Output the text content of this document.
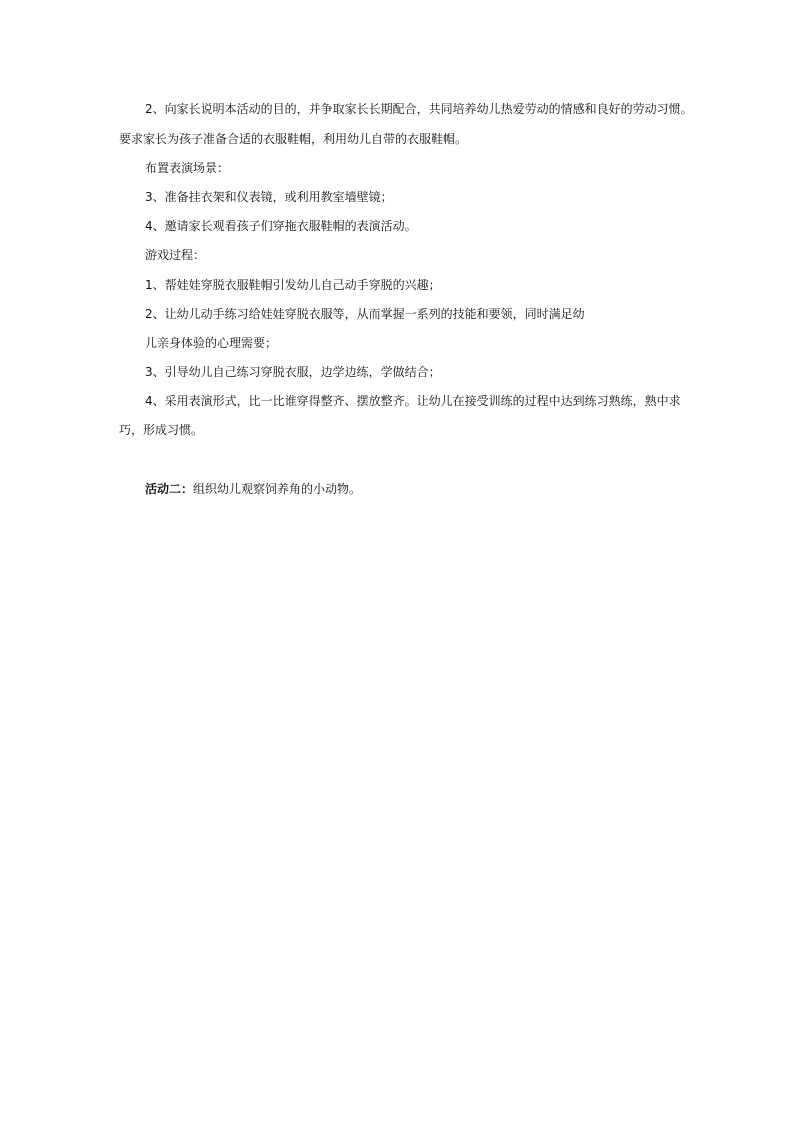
2、向家长说明本活动的目的，并争取家长长期配合，共同培养幼儿热爱劳动的情感和良好的劳动习惯。
要求家长为孩子准备合适的衣服鞋帽，利用幼儿自带的衣服鞋帽。
布置表演场景：
3、准备挂衣架和仪表镜，或利用教室墙壁镜；
4、邀请家长观看孩子们穿拖衣服鞋帽的表演活动。
游戏过程：
1、帮娃娃穿脱衣服鞋帽引发幼儿自己动手穿脱的兴趣；
2、让幼儿动手练习给娃娃穿脱衣服等，从而掌握一系列的技能和要领，同时满足幼
儿亲身体验的心理需要；
3、引导幼儿自己练习穿脱衣服，边学边练，学做结合；
4、采用表演形式，比一比谁穿得整齐、摆放整齐。让幼儿在接受训练的过程中达到练习熟练，熟中求
巧，形成习惯。
活动二：组织幼儿观察饲养角的小动物。
